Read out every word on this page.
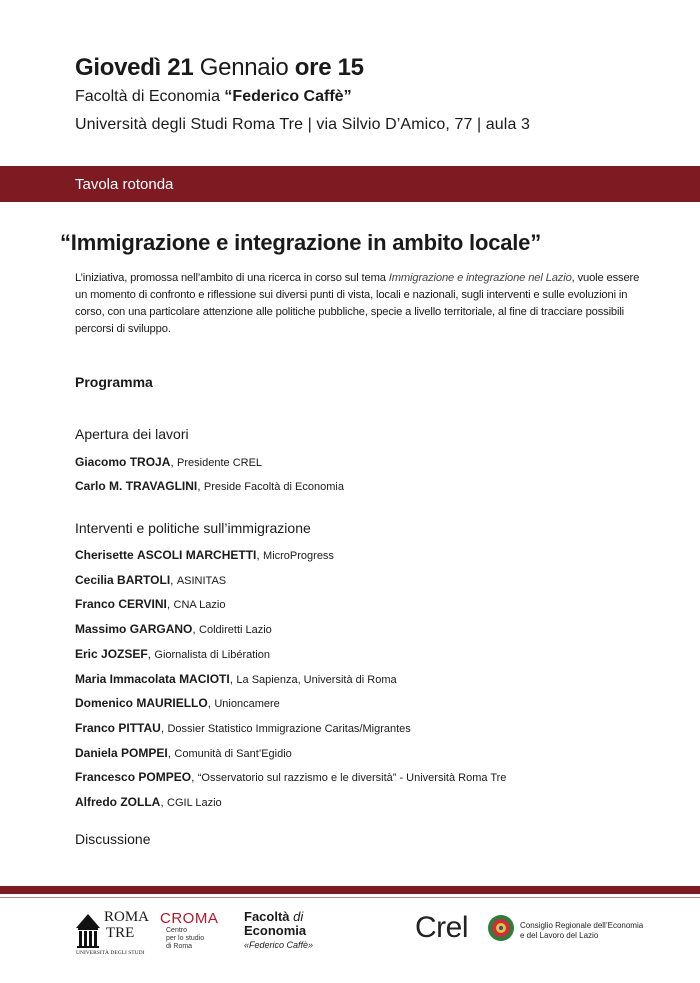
Giovedì 21 Gennaio ore 15
Facoltà di Economia “Federico Caffè”
Università degli Studi Roma Tre | via Silvio D’Amico, 77 | aula 3
Tavola rotonda
“Immigrazione e integrazione in ambito locale”
L’iniziativa, promossa nell’ambito di una ricerca in corso sul tema Immigrazione e integrazione nel Lazio, vuole essere un momento di confronto e riflessione sui diversi punti di vista, locali e nazionali, sugli interventi e sulle evoluzioni in corso, con una particolare attenzione alle politiche pubbliche, specie a livello territoriale, al fine di tracciare possibili percorsi di sviluppo.
Programma
Apertura dei lavori
Giacomo TROJA, Presidente CREL
Carlo M. TRAVAGLINI, Preside Facoltà di Economia
Interventi e politiche sull’immigrazione
Cherisette ASCOLI MARCHETTI, MicroProgress
Cecilia BARTOLI, ASINITAS
Franco CERVINI, CNA Lazio
Massimo GARGANO, Coldiretti Lazio
Eric JOZSEF, Giornalista di Libération
Maria Immacolata MACIOTI, La Sapienza, Università di Roma
Domenico MAURIELLO, Unioncamere
Franco PITTAU, Dossier Statistico Immigrazione Caritas/Migrantes
Daniela POMPEI, Comunità di Sant’Egidio
Francesco POMPEO, “Osservatorio sul razzismo e le diversità” - Università Roma Tre
Alfredo ZOLLA, CGIL Lazio
Discussione
ROMA
TRE
UNIVERSITÀ DEGLI STUDI
CROMA
Centro
per lo studio
di Roma
Facoltà di
Economia
«Federico Caffè»
Crel	Consiglio Regionale dell’Economia
e del Lavoro del Lazio
